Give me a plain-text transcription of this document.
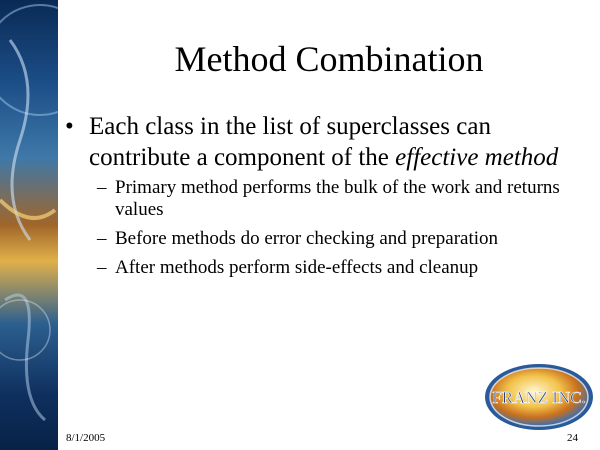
Method Combination
• Each class in the list of superclasses can contribute a component of the effective method
– Primary method performs the bulk of the work and returns values
– Before methods do error checking and preparation
– After methods perform side-effects and cleanup
FRANZ INC.
8/1/2005	24
